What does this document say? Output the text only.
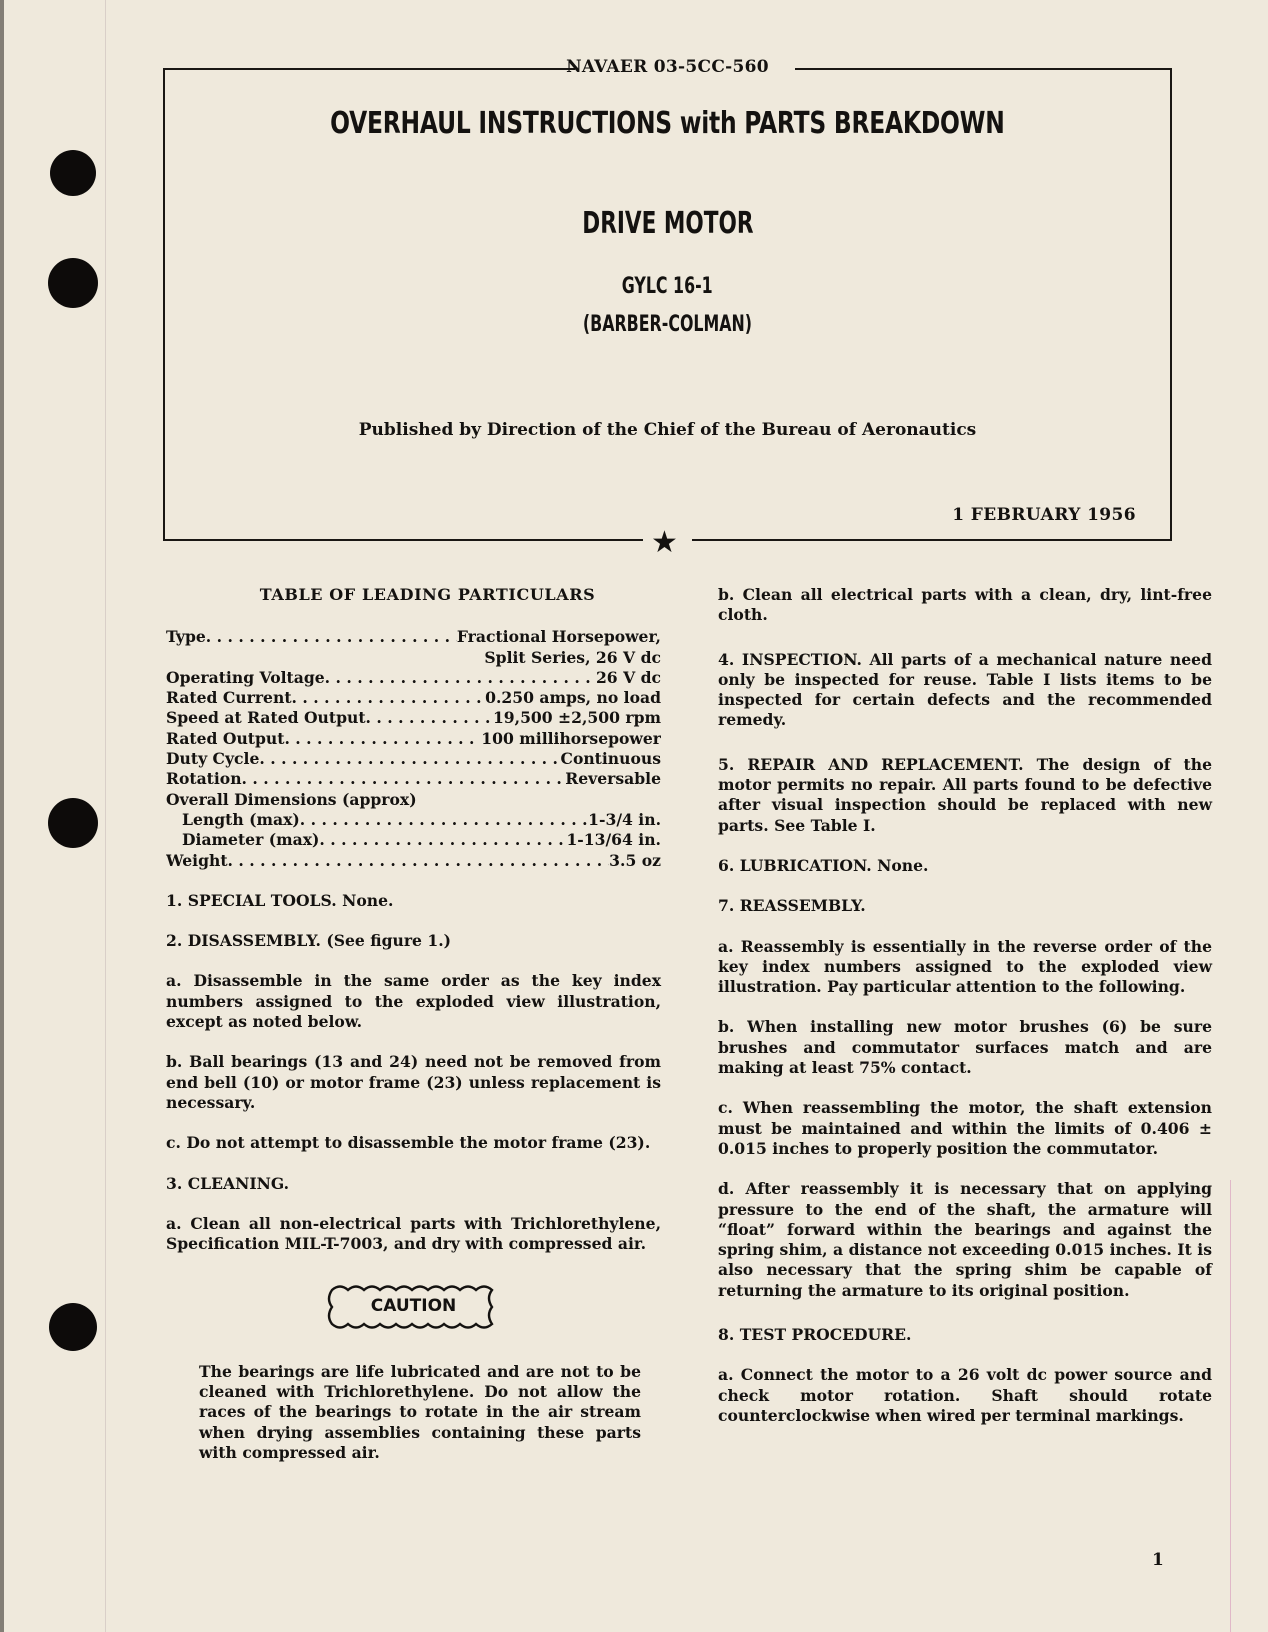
NAVAER 03-5CC-560
OVERHAUL INSTRUCTIONS with PARTS BREAKDOWN
DRIVE MOTOR
GYLC 16-1
(BARBER-COLMAN)
Published by Direction of the Chief of the Bureau of Aeronautics
1 FEBRUARY 1956
★
TABLE OF LEADING PARTICULARS
Type . . .	Fractional Horsepower,
Split Series, 26 V dc
Operating Voltage . . .	26 V dc
Rated Current . . .	0.250 amps, no load
Speed at Rated Output . . .	19,500 ±2,500 rpm
Rated Output . . .	100 millihorsepower
Duty Cycle . . .	Continuous
Rotation . . .	Reversable
Overall Dimensions (approx)
Length (max) . . .	1-3/4 in.
Diameter (max) . . .	1-13/64 in.
Weight . . .	3.5 oz
1. SPECIAL TOOLS. None.
2. DISASSEMBLY. (See figure 1.)
a. Disassemble in the same order as the key index numbers assigned to the exploded view illustration, except as noted below.
b. Ball bearings (13 and 24) need not be removed from end bell (10) or motor frame (23) unless replacement is necessary.
c. Do not attempt to disassemble the motor frame (23).
3. CLEANING.
a. Clean all non-electrical parts with Trichlorethylene, Specification MIL-T-7003, and dry with compressed air.
CAUTION
The bearings are life lubricated and are not to be cleaned with Trichlorethylene. Do not allow the races of the bearings to rotate in the air stream when drying assemblies containing these parts with compressed air.
b. Clean all electrical parts with a clean, dry, lint-free cloth.
4. INSPECTION. All parts of a mechanical nature need only be inspected for reuse. Table I lists items to be inspected for certain defects and the recommended remedy.
5. REPAIR AND REPLACEMENT. The design of the motor permits no repair. All parts found to be defective after visual inspection should be replaced with new parts. See Table I.
6. LUBRICATION. None.
7. REASSEMBLY.
a. Reassembly is essentially in the reverse order of the key index numbers assigned to the exploded view illustration. Pay particular attention to the following.
b. When installing new motor brushes (6) be sure brushes and commutator surfaces match and are making at least 75% contact.
c. When reassembling the motor, the shaft extension must be maintained and within the limits of 0.406 ± 0.015 inches to properly position the commutator.
d. After reassembly it is necessary that on applying pressure to the end of the shaft, the armature will “float” forward within the bearings and against the spring shim, a distance not exceeding 0.015 inches. It is also necessary that the spring shim be capable of returning the armature to its original position.
8. TEST PROCEDURE.
a. Connect the motor to a 26 volt dc power source and check motor rotation. Shaft should rotate counterclockwise when wired per terminal markings.
1
